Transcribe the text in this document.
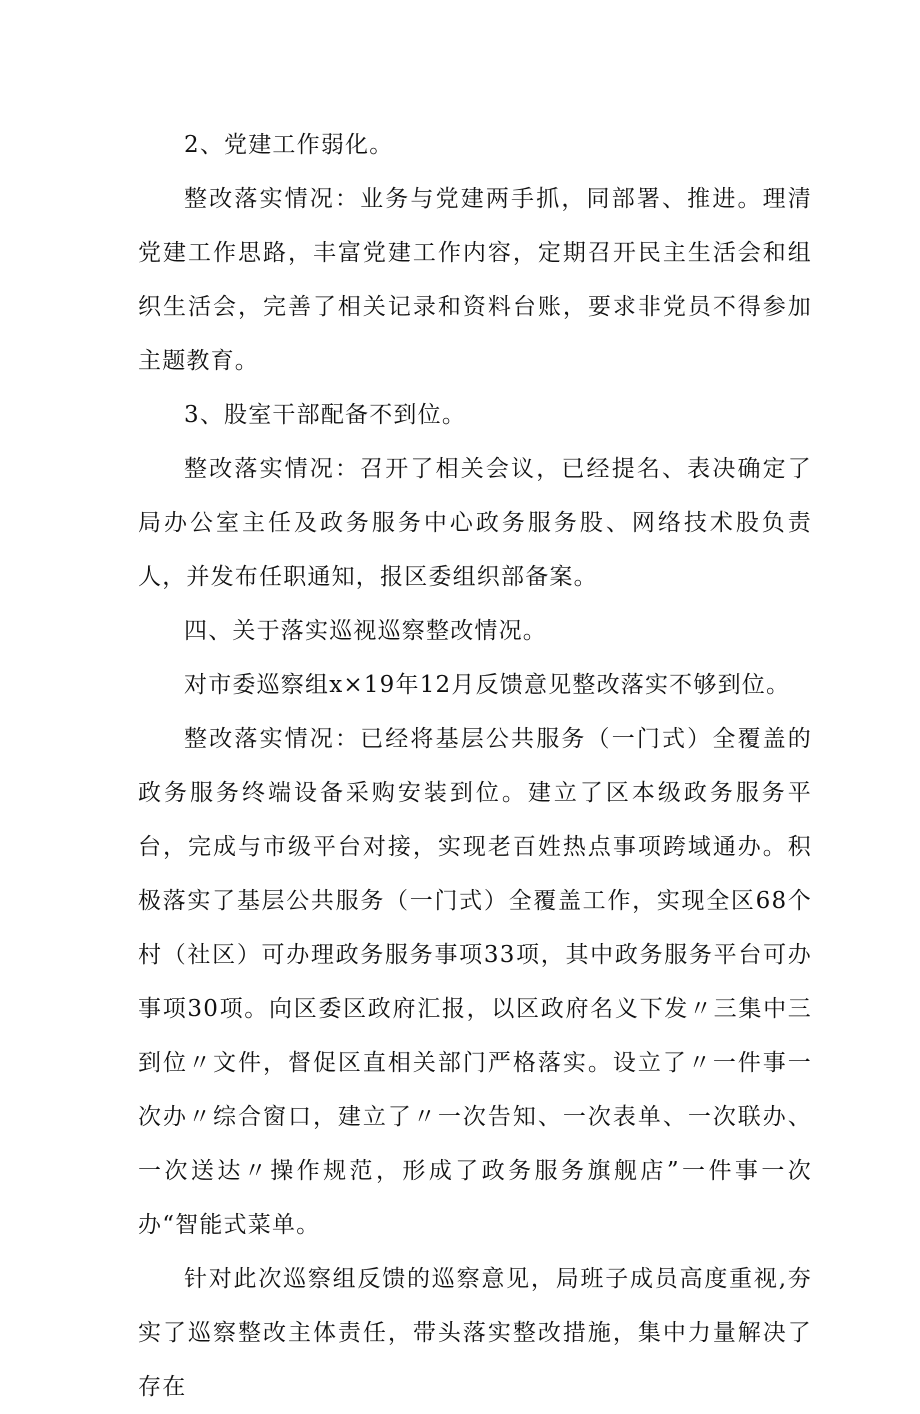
2、党建工作弱化。

整改落实情况：业务与党建两手抓，同部署、推进。理清党建工作思路，丰富党建工作内容，定期召开民主生活会和组织生活会，完善了相关记录和资料台账，要求非党员不得参加主题教育。

3、股室干部配备不到位。

整改落实情况：召开了相关会议，已经提名、表决确定了局办公室主任及政务服务中心政务服务股、网络技术股负责人，并发布任职通知，报区委组织部备案。

四、关于落实巡视巡察整改情况。

对市委巡察组x×19年12月反馈意见整改落实不够到位。

整改落实情况：已经将基层公共服务（一门式）全覆盖的政务服务终端设备采购安装到位。建立了区本级政务服务平台，完成与市级平台对接，实现老百姓热点事项跨域通办。积极落实了基层公共服务（一门式）全覆盖工作，实现全区68个村（社区）可办理政务服务事项33项，其中政务服务平台可办事项30项。向区委区政府汇报，以区政府名义下发〃三集中三到位〃文件，督促区直相关部门严格落实。设立了〃一件事一次办〃综合窗口，建立了〃一次告知、一次表单、一次联办、一次送达〃操作规范，形成了政务服务旗舰店”一件事一次办“智能式菜单。

针对此次巡察组反馈的巡察意见，局班子成员高度重视,夯实了巡察整改主体责任，带头落实整改措施，集中力量解决了存在
